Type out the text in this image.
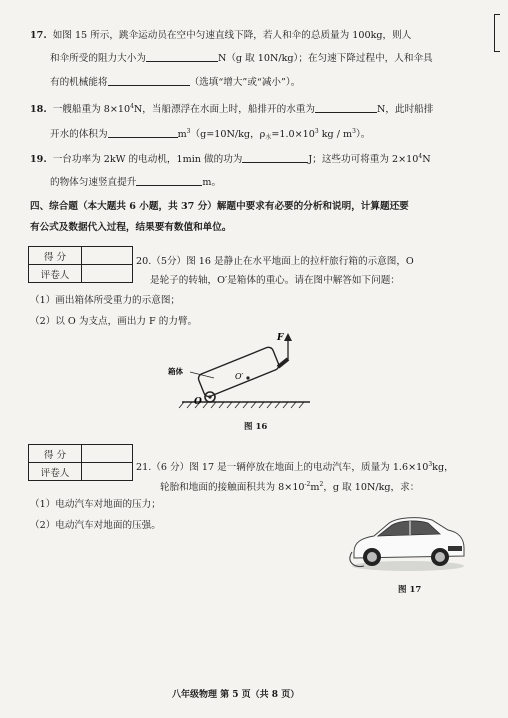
17. 如图 15 所示，跳伞运动员在空中匀速直线下降，若人和伞的总质量为 100kg，则人
和伞所受的阻力大小为	N（g 取 10N/kg）；在匀速下降过程中，人和伞具
有的机械能将	（选填“增大”或“减小”）。
18. 一艘船重为 $8\times 10^4N$，当船漂浮在水面上时，船排开的水重为	N，此时船排
开水的体积为	$m^3(g=10N/kg$，$\rho_水=1.0\times 10^3$ kg / $m^3$）。
19. 一台功率为 2kW 的电动机，1min 做的功为	J；这些功可将重为 $2\times 10^4N$
的物体匀速竖直提升	m。
四、综合题（本大题共 6 小题，共 37 分）解题中要求有必要的分析和说明，计算题还要
有公式及数据代入过程，结果要有数值和单位。
得 分	
评卷人	
20.（5分）图 16 是静止在水平地面上的拉杆旅行箱的示意图，O
是轮子的转轴，O′是箱体的重心。请在图中解答如下问题：
（1）画出箱体所受重力的示意图；
（2）以 O 为支点，画出力 F 的力臂。
箱体
O
O′
F
图 16
得 分	
评卷人		21.（6 分）图 17 是一辆停放在地面上的电动汽车，质量为 $1.6\times 10^3kg$，
轮胎和地面的接触面积共为 $8\times 10^{-2}m^2$，g 取 10N/kg，求：
（1）电动汽车对地面的压力；
（2）电动汽车对地面的压强。
图 17
八年级物理 第 5 页（共 8 页）
